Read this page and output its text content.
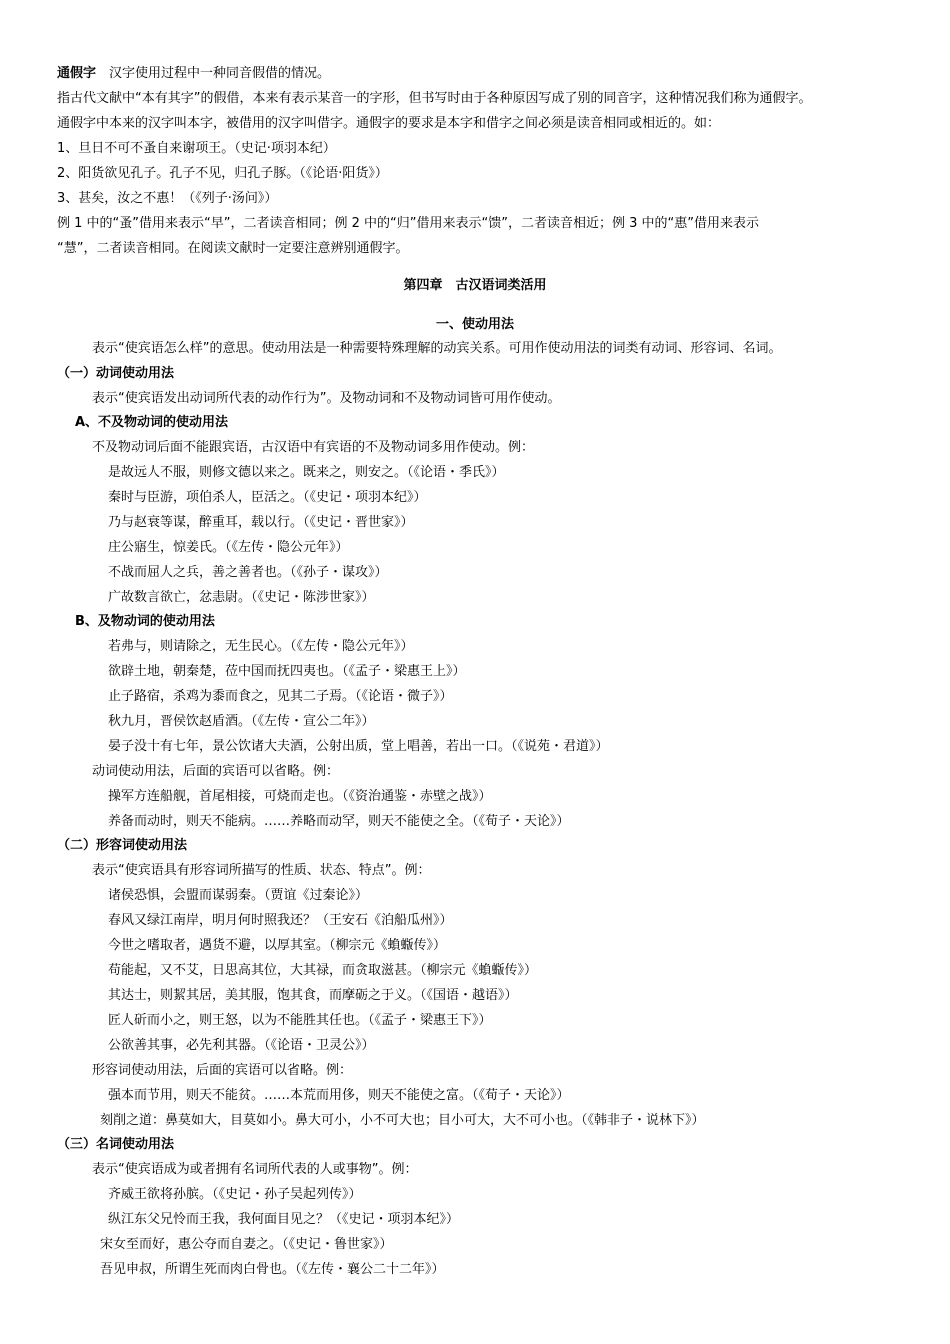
通假字　 汉字使用过程中一种同音假借的情况。
指古代文献中“本有其字”的假借，本来有表示某音一的字形，但书写时由于各种原因写成了别的同音字，这种情况我们称为通假字。
通假字中本来的汉字叫本字，被借用的汉字叫借字。通假字的要求是本字和借字之间必须是读音相同或相近的。如：
1、旦日不可不蚤自来谢项王。（史记·项羽本纪）
2、阳货欲见孔子。孔子不见，归孔子豚。（《论语·阳货》）
3、甚矣，汝之不惠！（《列子·汤问》）
例 1 中的“蚤”借用来表示“早”，二者读音相同；例 2 中的“归”借用来表示“馈”，二者读音相近；例 3 中的“惠”借用来表示
“慧”，二者读音相同。在阅读文献时一定要注意辨别通假字。
第四章　古汉语词类活用
一、使动用法
表示“使宾语怎么样”的意思。使动用法是一种需要特殊理解的动宾关系。可用作使动用法的词类有动词、形容词、名词。
（一）动词使动用法
表示“使宾语发出动词所代表的动作行为”。及物动词和不及物动词皆可用作使动。
A、不及物动词的使动用法
不及物动词后面不能跟宾语，古汉语中有宾语的不及物动词多用作使动。例：
是故远人不服，则修文德以来之。既来之，则安之。（《论语・季氏》）
秦时与臣游，项伯杀人，臣活之。（《史记・项羽本纪》）
乃与赵衰等谋，醉重耳，载以行。（《史记・晋世家》）
庄公寤生，惊姜氏。（《左传・隐公元年》）
不战而屈人之兵，善之善者也。（《孙子・谋攻》）
广故数言欲亡，忿恚尉。（《史记・陈涉世家》）
B、及物动词的使动用法
若弗与，则请除之，无生民心。（《左传・隐公元年》）
欲辟土地，朝秦楚，莅中国而抚四夷也。（《孟子・梁惠王上》）
止子路宿，杀鸡为黍而食之，见其二子焉。（《论语・微子》）
秋九月，晋侯饮赵盾酒。（《左传・宣公二年》）
晏子没十有七年，景公饮诸大夫酒，公射出质，堂上唱善，若出一口。（《说苑・君道》）
动词使动用法，后面的宾语可以省略。例：
操军方连船舰，首尾相接，可烧而走也。（《资治通鉴・赤壁之战》）
养备而动时，则天不能病。……养略而动罕，则天不能使之全。（《荀子・天论》）
（二）形容词使动用法
表示“使宾语具有形容词所描写的性质、状态、特点”。例：
诸侯恐惧，会盟而谋弱秦。（贾谊《过秦论》）
春风又绿江南岸，明月何时照我还？（王安石《泊船瓜州》）
今世之嗜取者，遇货不避，以厚其室。（柳宗元《蝜蝂传》）
苟能起，又不艾，日思高其位，大其禄，而贪取滋甚。（柳宗元《蝜蝂传》）
其达士，则絜其居，美其服，饱其食，而摩砺之于义。（《国语・越语》）
匠人斫而小之，则王怒，以为不能胜其任也。（《孟子・梁惠王下》）
公欲善其事，必先利其器。（《论语・卫灵公》）
形容词使动用法，后面的宾语可以省略。例：
强本而节用，则天不能贫。……本荒而用侈，则天不能使之富。（《荀子・天论》）
刻削之道：鼻莫如大，目莫如小。鼻大可小，小不可大也；目小可大，大不可小也。（《韩非子・说林下》）
（三）名词使动用法
表示“使宾语成为或者拥有名词所代表的人或事物”。例：
齐威王欲将孙膑。（《史记・孙子吴起列传》）
纵江东父兄怜而王我，我何面目见之？（《史记・项羽本纪》）
宋女至而好，惠公夺而自妻之。（《史记・鲁世家》）
吾见申叔，所谓生死而肉白骨也。（《左传・襄公二十二年》）
